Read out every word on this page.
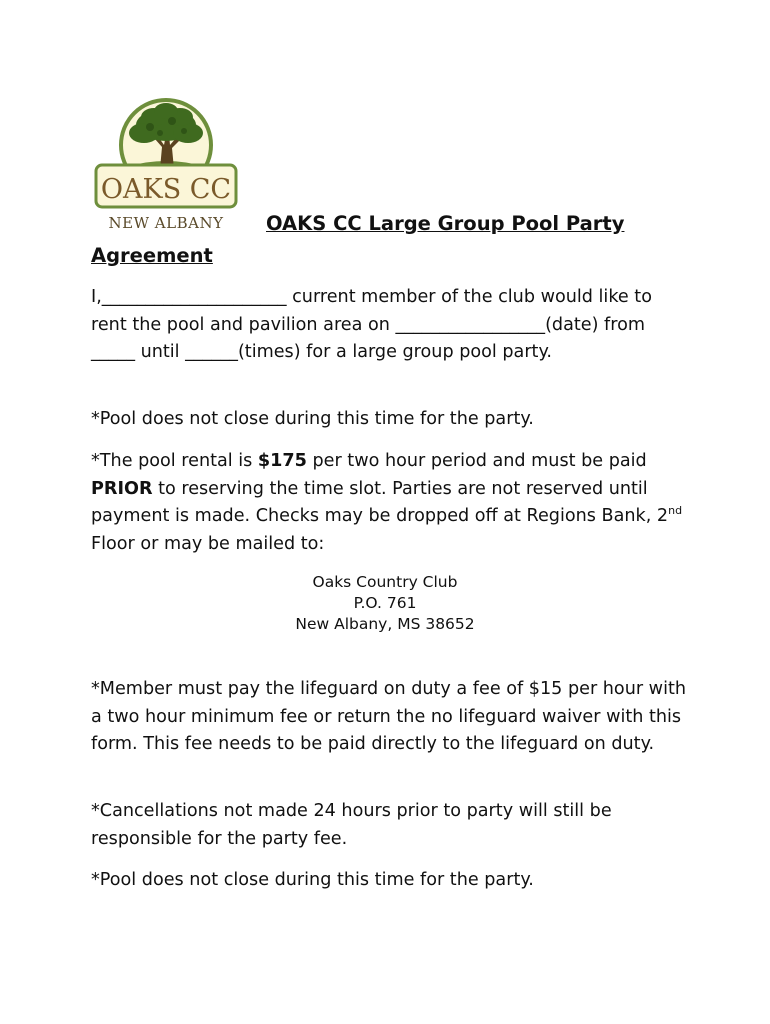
OAKS CC
NEW ALBANY	OAKS CC Large Group Pool Party Agreement

I,_____________________ current member of the club would like to rent the pool and pavilion area on _________________(date) from _____ until ______(times) for a large group pool party.

*Pool does not close during this time for the party.

*The pool rental is $175 per two hour period and must be paid PRIOR to reserving the time slot. Parties are not reserved until payment is made. Checks may be dropped off at Regions Bank, 2nd Floor or may be mailed to:

Oaks Country Club
P.O. 761
New Albany, MS 38652

*Member must pay the lifeguard on duty a fee of $15 per hour with a two hour minimum fee or return the no lifeguard waiver with this form. This fee needs to be paid directly to the lifeguard on duty.

*Cancellations not made 24 hours prior to party will still be responsible for the party fee.

*Pool does not close during this time for the party.
